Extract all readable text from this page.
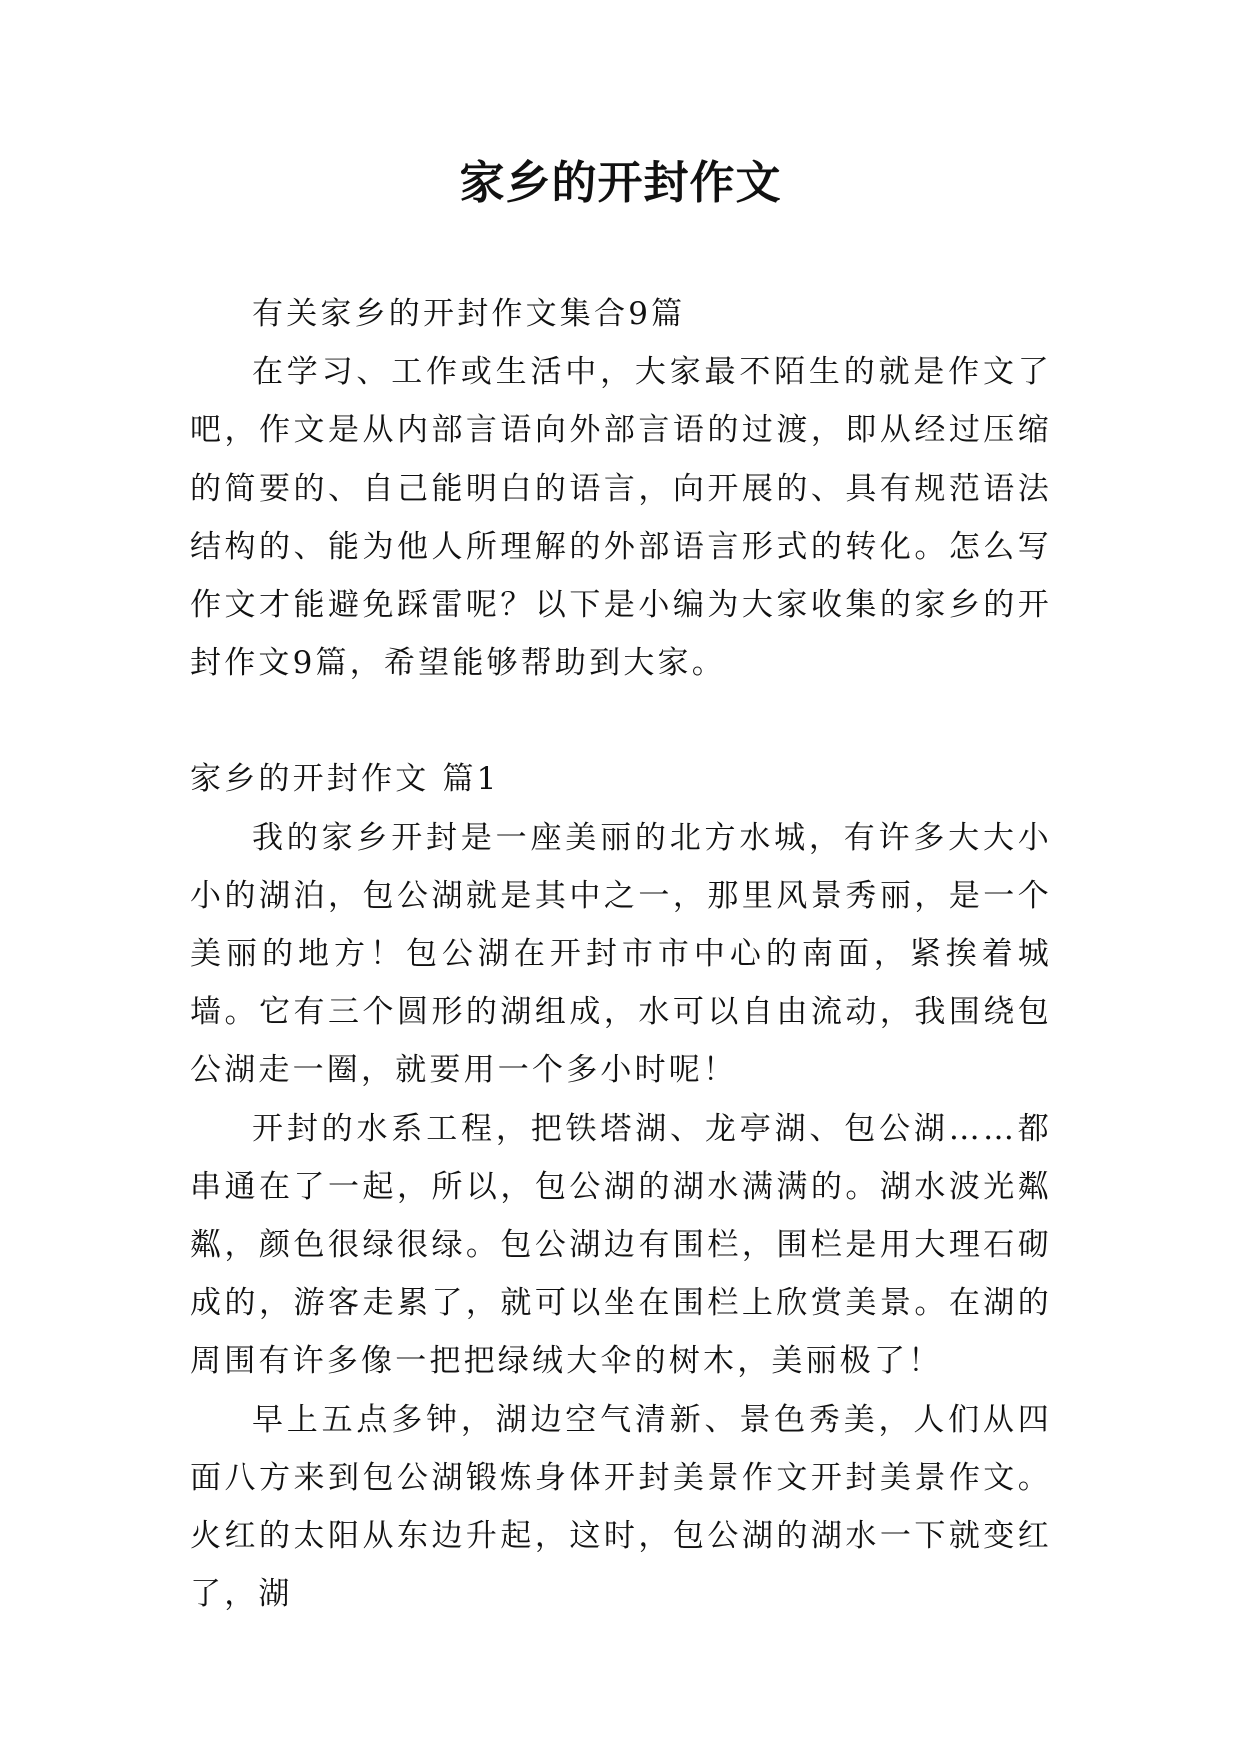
家乡的开封作文

有关家乡的开封作文集合9篇

在学习、工作或生活中，大家最不陌生的就是作文了吧，作文是从内部言语向外部言语的过渡，即从经过压缩的简要的、自己能明白的语言，向开展的、具有规范语法结构的、能为他人所理解的外部语言形式的转化。怎么写作文才能避免踩雷呢？以下是小编为大家收集的家乡的开封作文9篇，希望能够帮助到大家。

家乡的开封作文 篇1

我的家乡开封是一座美丽的北方水城，有许多大大小小的湖泊，包公湖就是其中之一，那里风景秀丽，是一个美丽的地方！包公湖在开封市市中心的南面，紧挨着城墙。它有三个圆形的湖组成，水可以自由流动，我围绕包公湖走一圈，就要用一个多小时呢！

开封的水系工程，把铁塔湖、龙亭湖、包公湖……都串通在了一起，所以，包公湖的湖水满满的。湖水波光粼粼，颜色很绿很绿。包公湖边有围栏，围栏是用大理石砌成的，游客走累了，就可以坐在围栏上欣赏美景。在湖的周围有许多像一把把绿绒大伞的树木，美丽极了！

早上五点多钟，湖边空气清新、景色秀美，人们从四面八方来到包公湖锻炼身体开封美景作文开封美景作文。火红的太阳从东边升起，这时，包公湖的湖水一下就变红了，湖
